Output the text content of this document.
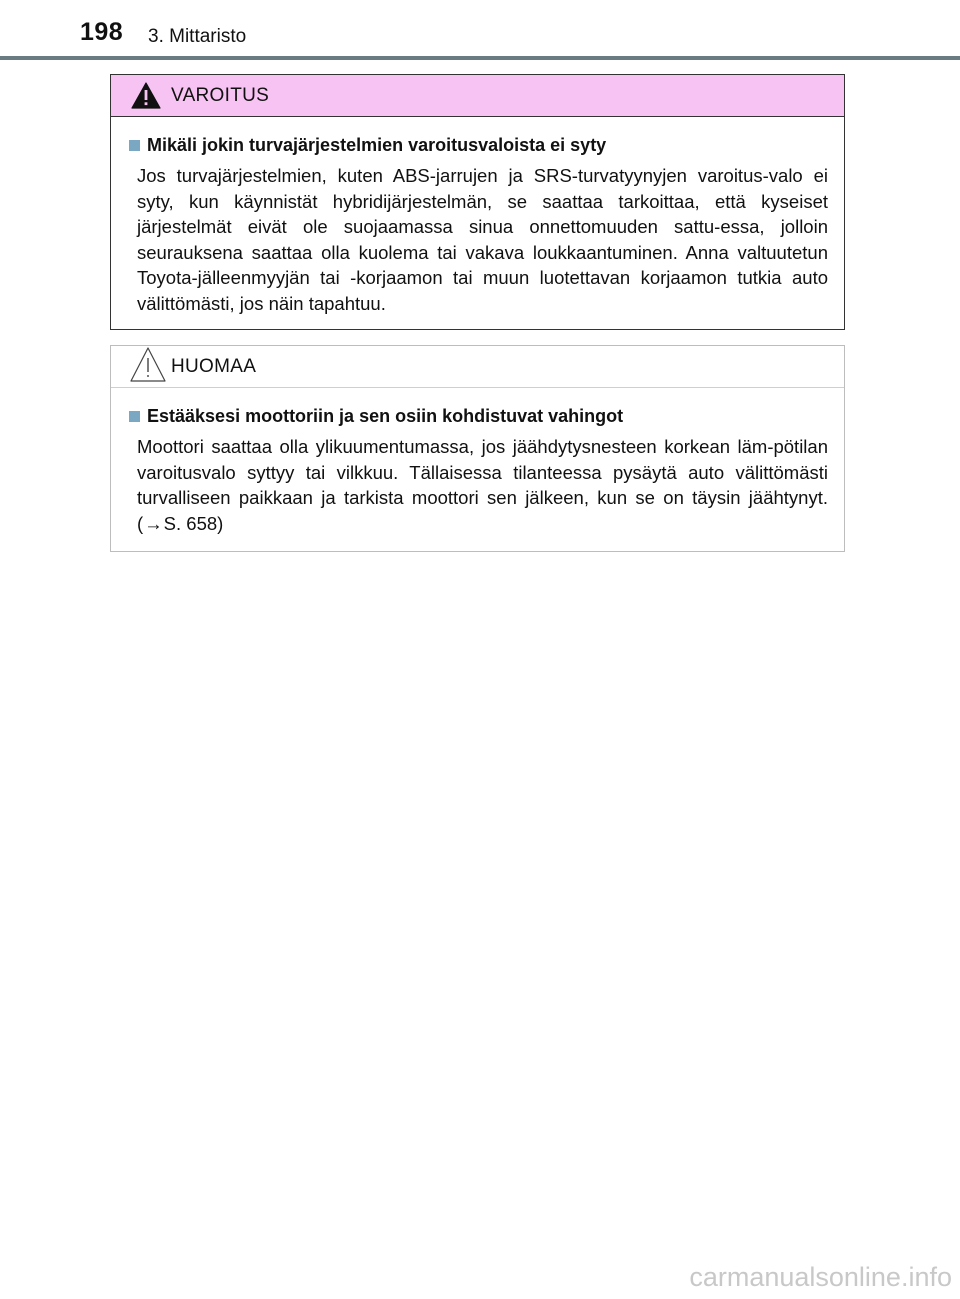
198 3. Mittaristo
VAROITUS
Mikäli jokin turvajärjestelmien varoitusvaloista ei syty
Jos turvajärjestelmien, kuten ABS-jarrujen ja SRS-turvatyynyjen varoitus-valo ei syty, kun käynnistät hybridijärjestelmän, se saattaa tarkoittaa, että kyseiset järjestelmät eivät ole suojaamassa sinua onnettomuuden sattu-essa, jolloin seurauksena saattaa olla kuolema tai vakava loukkaantuminen. Anna valtuutetun Toyota-jälleenmyyjän tai -korjaamon tai muun luotettavan korjaamon tutkia auto välittömästi, jos näin tapahtuu.
HUOMAA
Estääksesi moottoriin ja sen osiin kohdistuvat vahingot
Moottori saattaa olla ylikuumentumassa, jos jäähdytysnesteen korkean läm-pötilan varoitusvalo syttyy tai vilkkuu. Tällaisessa tilanteessa pysäytä auto välittömästi turvalliseen paikkaan ja tarkista moottori sen jälkeen, kun se on täysin jäähtynyt. (→S. 658)
carmanualsonline.info
